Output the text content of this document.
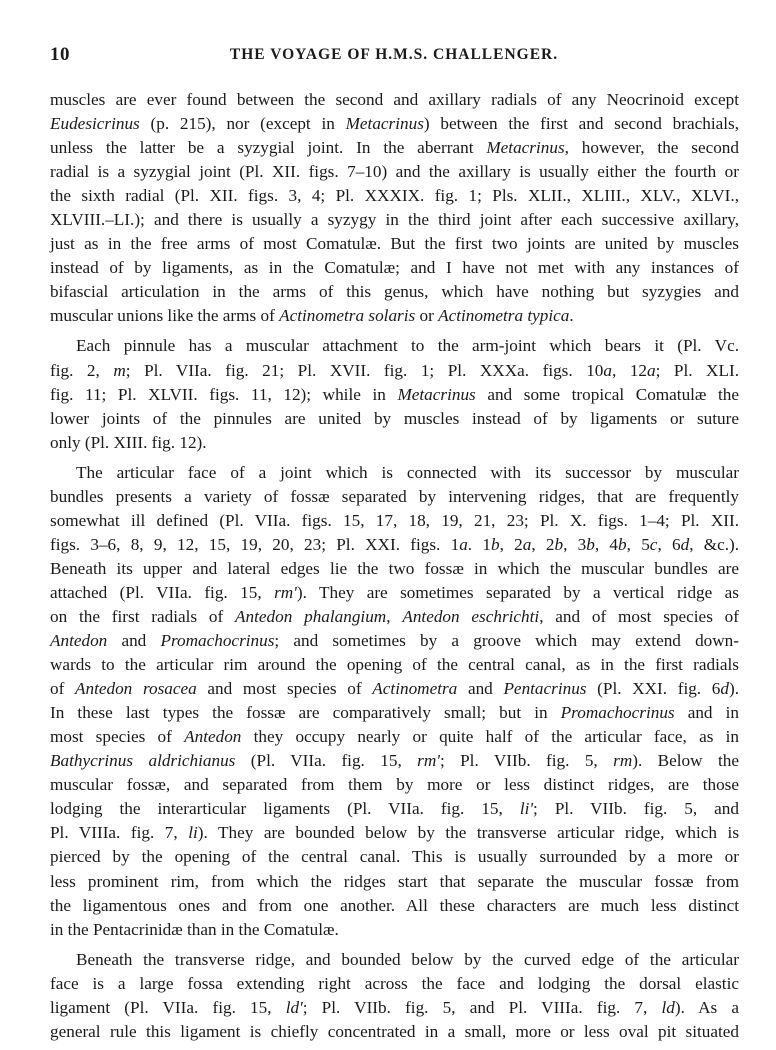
10	THE VOYAGE OF H.M.S. CHALLENGER.
muscles are ever found between the second and axillary radials of any Neocrinoid except
Eudesicrinus (p. 215), nor (except in Metacrinus) between the first and second brachials,
unless the latter be a syzygial joint. In the aberrant Metacrinus, however, the second
radial is a syzygial joint (Pl. XII. figs. 7–10) and the axillary is usually either the fourth or
the sixth radial (Pl. XII. figs. 3, 4; Pl. XXXIX. fig. 1; Pls. XLII., XLIII., XLV., XLVI.,
XLVIII.–LI.); and there is usually a syzygy in the third joint after each successive axillary,
just as in the free arms of most Comatulæ. But the first two joints are united by muscles
instead of by ligaments, as in the Comatulæ; and I have not met with any instances of
bifascial articulation in the arms of this genus, which have nothing but syzygies and
muscular unions like the arms of Actinometra solaris or Actinometra typica.
Each pinnule has a muscular attachment to the arm-joint which bears it (Pl. Vc.
fig. 2, m; Pl. VIIa. fig. 21; Pl. XVII. fig. 1; Pl. XXXa. figs. 10a, 12a; Pl. XLI.
fig. 11; Pl. XLVII. figs. 11, 12); while in Metacrinus and some tropical Comatulæ the
lower joints of the pinnules are united by muscles instead of by ligaments or suture
only (Pl. XIII. fig. 12).
The articular face of a joint which is connected with its successor by muscular
bundles presents a variety of fossæ separated by intervening ridges, that are frequently
somewhat ill defined (Pl. VIIa. figs. 15, 17, 18, 19, 21, 23; Pl. X. figs. 1–4; Pl. XII.
figs. 3–6, 8, 9, 12, 15, 19, 20, 23; Pl. XXI. figs. 1a. 1b, 2a, 2b, 3b, 4b, 5c, 6d, &c.).
Beneath its upper and lateral edges lie the two fossæ in which the muscular bundles are
attached (Pl. VIIa. fig. 15, rm'). They are sometimes separated by a vertical ridge as
on the first radials of Antedon phalangium, Antedon eschrichti, and of most species of
Antedon and Promachocrinus; and sometimes by a groove which may extend down-
wards to the articular rim around the opening of the central canal, as in the first radials
of Antedon rosacea and most species of Actinometra and Pentacrinus (Pl. XXI. fig. 6d).
In these last types the fossæ are comparatively small; but in Promachocrinus and in
most species of Antedon they occupy nearly or quite half of the articular face, as in
Bathycrinus aldrichianus (Pl. VIIa. fig. 15, rm'; Pl. VIIb. fig. 5, rm). Below the
muscular fossæ, and separated from them by more or less distinct ridges, are those
lodging the interarticular ligaments (Pl. VIIa. fig. 15, li'; Pl. VIIb. fig. 5, and
Pl. VIIIa. fig. 7, li). They are bounded below by the transverse articular ridge, which is
pierced by the opening of the central canal. This is usually surrounded by a more or
less prominent rim, from which the ridges start that separate the muscular fossæ from
the ligamentous ones and from one another. All these characters are much less distinct
in the Pentacrinidæ than in the Comatulæ.
Beneath the transverse ridge, and bounded below by the curved edge of the articular
face is a large fossa extending right across the face and lodging the dorsal elastic
ligament (Pl. VIIa. fig. 15, ld'; Pl. VIIb. fig. 5, and Pl. VIIIa. fig. 7, ld). As a
general rule this ligament is chiefly concentrated in a small, more or less oval pit situated
